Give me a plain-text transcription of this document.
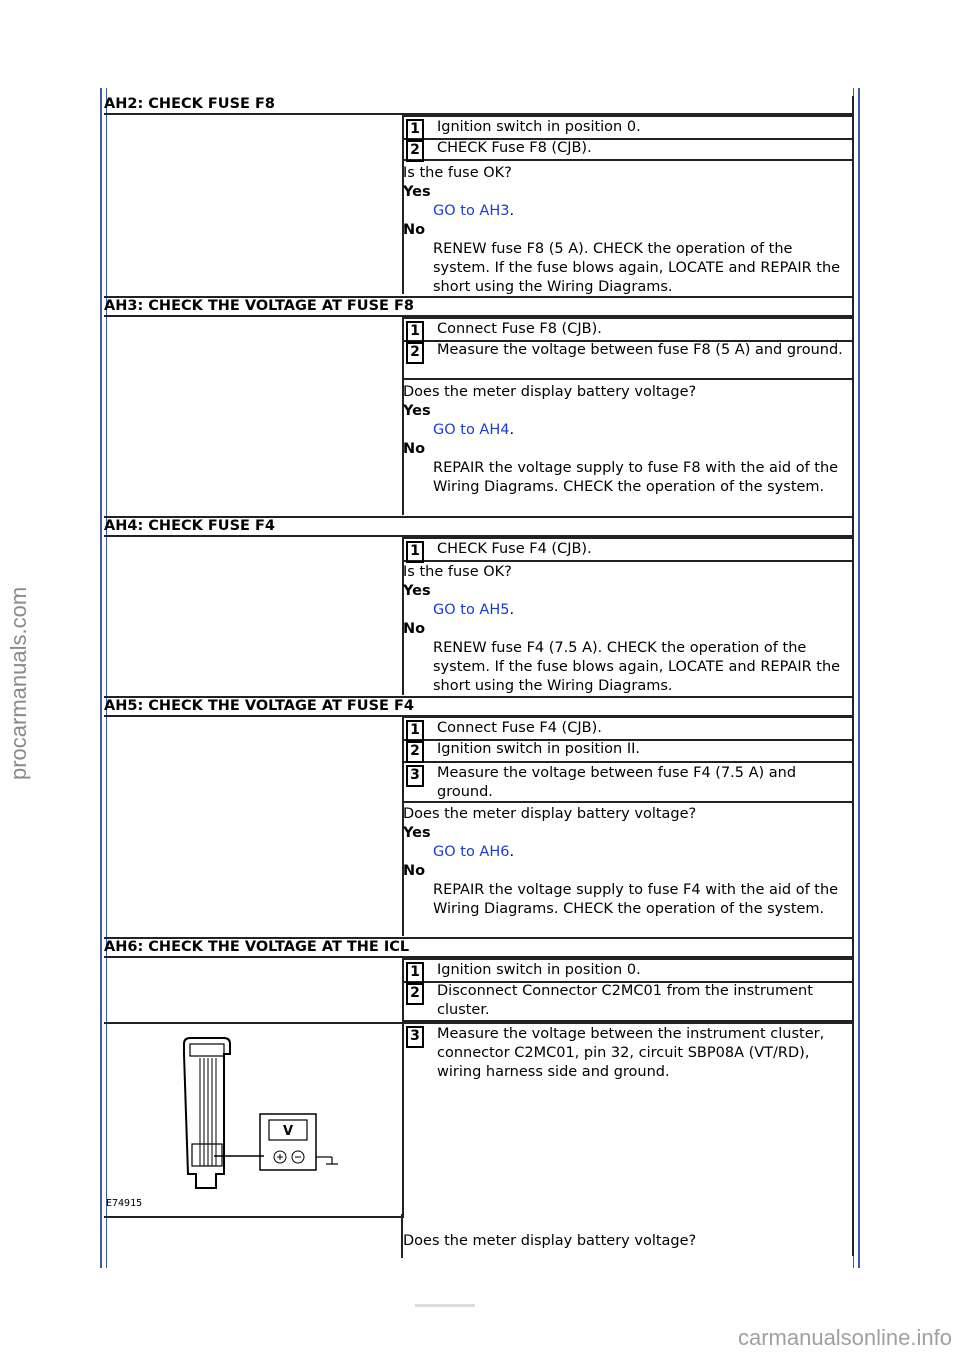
procarmanuals.com
carmanualsonline.info
AH2: CHECK FUSE F8
1 Ignition switch in position 0.
2 CHECK Fuse F8 (CJB).
Is the fuse OK?
Yes
GO to AH3.
No
RENEW fuse F8 (5 A). CHECK the operation of the system. If the fuse blows again, LOCATE and REPAIR the short using the Wiring Diagrams.
AH3: CHECK THE VOLTAGE AT FUSE F8
1 Connect Fuse F8 (CJB).
2 Measure the voltage between fuse F8 (5 A) and ground.
Does the meter display battery voltage?
Yes
GO to AH4.
No
REPAIR the voltage supply to fuse F8 with the aid of the Wiring Diagrams. CHECK the operation of the system.
AH4: CHECK FUSE F4
1 CHECK Fuse F4 (CJB).
Is the fuse OK?
Yes
GO to AH5.
No
RENEW fuse F4 (7.5 A). CHECK the operation of the system. If the fuse blows again, LOCATE and REPAIR the short using the Wiring Diagrams.
AH5: CHECK THE VOLTAGE AT FUSE F4
1 Connect Fuse F4 (CJB).
2 Ignition switch in position II.
3 Measure the voltage between fuse F4 (7.5 A) and ground.
Does the meter display battery voltage?
Yes
GO to AH6.
No
REPAIR the voltage supply to fuse F4 with the aid of the Wiring Diagrams. CHECK the operation of the system.
AH6: CHECK THE VOLTAGE AT THE ICL
1 Ignition switch in position 0.
2 Disconnect Connector C2MC01 from the instrument cluster.
V
E74915
3 Measure the voltage between the instrument cluster, connector C2MC01, pin 32, circuit SBP08A (VT/RD), wiring harness side and ground.
Does the meter display battery voltage?
